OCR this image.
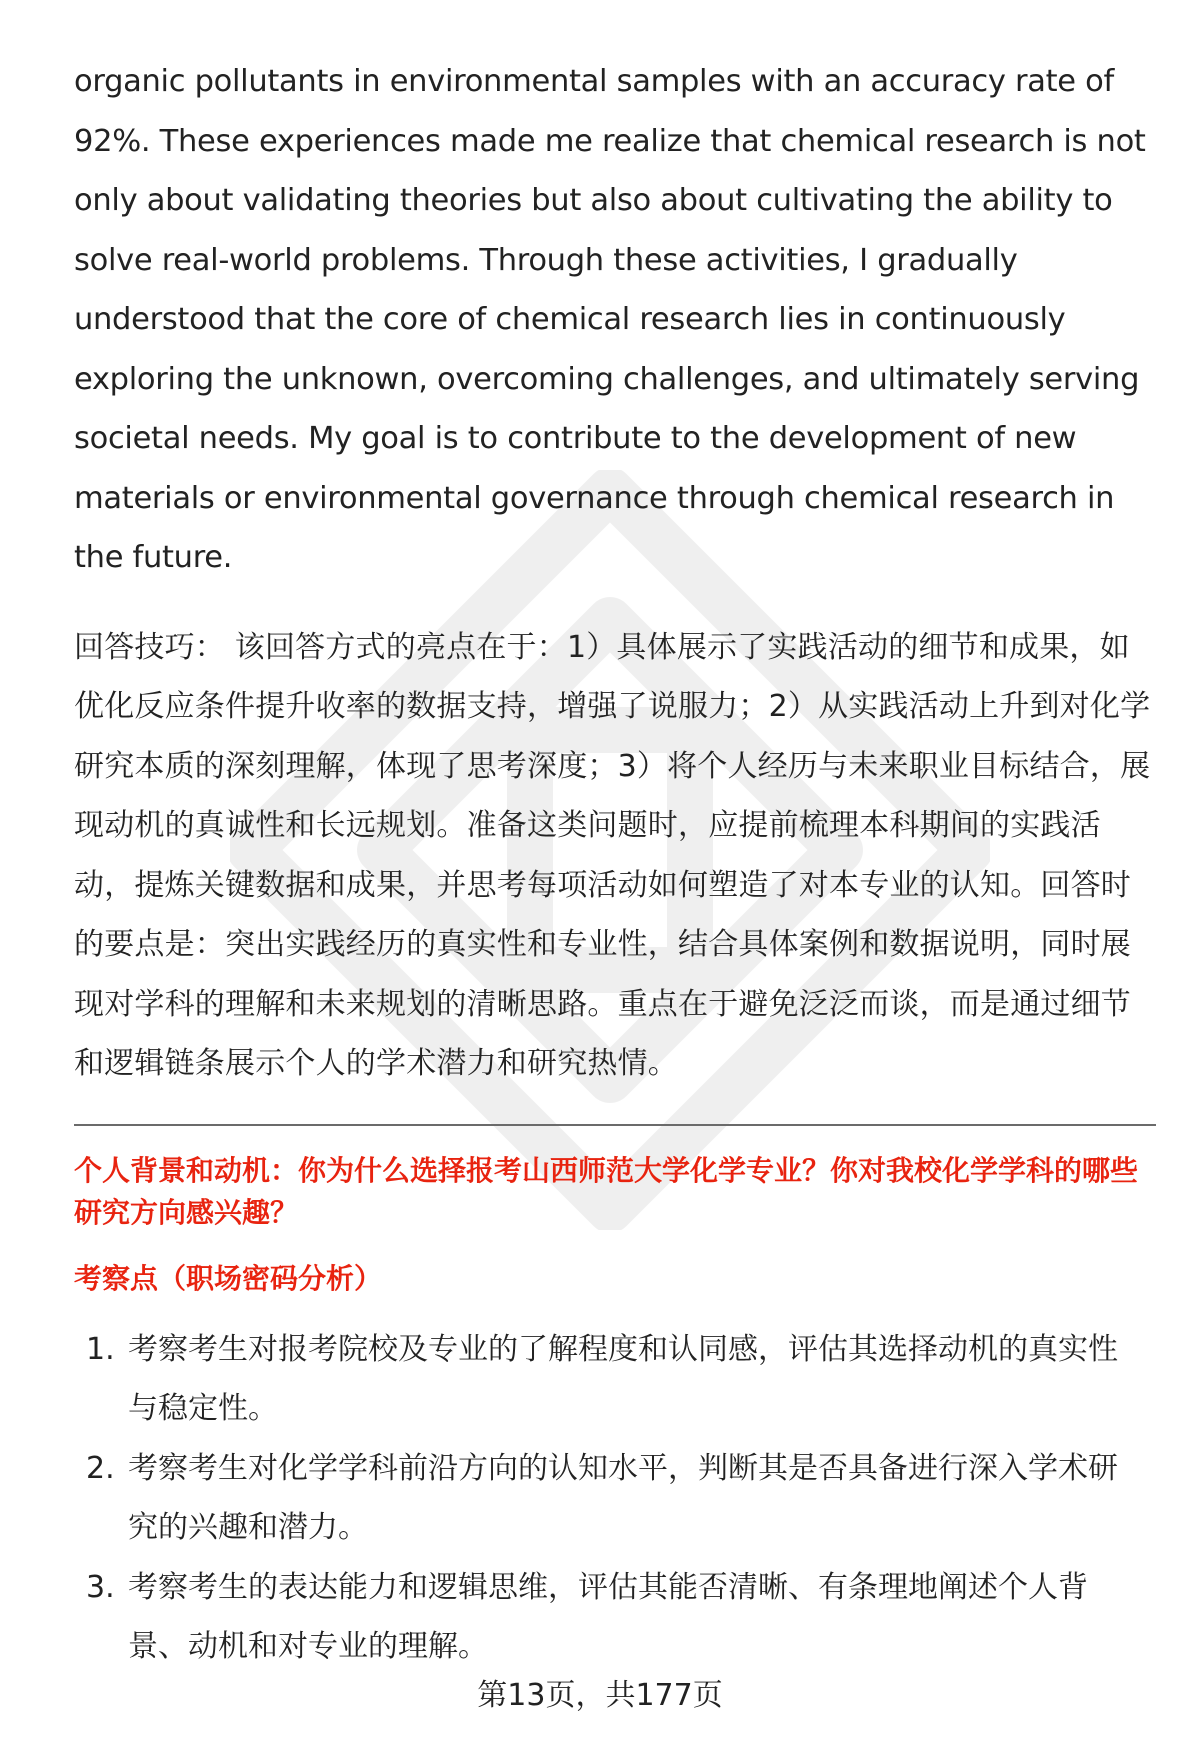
organic pollutants in environmental samples with an accuracy rate of 92%. These experiences made me realize that chemical research is not only about validating theories but also about cultivating the ability to solve real-world problems. Through these activities, I gradually understood that the core of chemical research lies in continuously exploring the unknown, overcoming challenges, and ultimately serving societal needs. My goal is to contribute to the development of new materials or environmental governance through chemical research in the future.

回答技巧： 该回答方式的亮点在于：1）具体展示了实践活动的细节和成果，如优化反应条件提升收率的数据支持，增强了说服力；2）从实践活动上升到对化学研究本质的深刻理解，体现了思考深度；3）将个人经历与未来职业目标结合，展现动机的真诚性和长远规划。准备这类问题时，应提前梳理本科期间的实践活动，提炼关键数据和成果，并思考每项活动如何塑造了对本专业的认知。回答时的要点是：突出实践经历的真实性和专业性，结合具体案例和数据说明，同时展现对学科的理解和未来规划的清晰思路。重点在于避免泛泛而谈，而是通过细节和逻辑链条展示个人的学术潜力和研究热情。
个人背景和动机：你为什么选择报考山西师范大学化学专业？你对我校化学学科的哪些研究方向感兴趣？
考察点（职场密码分析）
1. 考察考生对报考院校及专业的了解程度和认同感，评估其选择动机的真实性与稳定性。
2. 考察考生对化学学科前沿方向的认知水平，判断其是否具备进行深入学术研究的兴趣和潜力。
3. 考察考生的表达能力和逻辑思维，评估其能否清晰、有条理地阐述个人背景、动机和对专业的理解。
第13页，共177页
